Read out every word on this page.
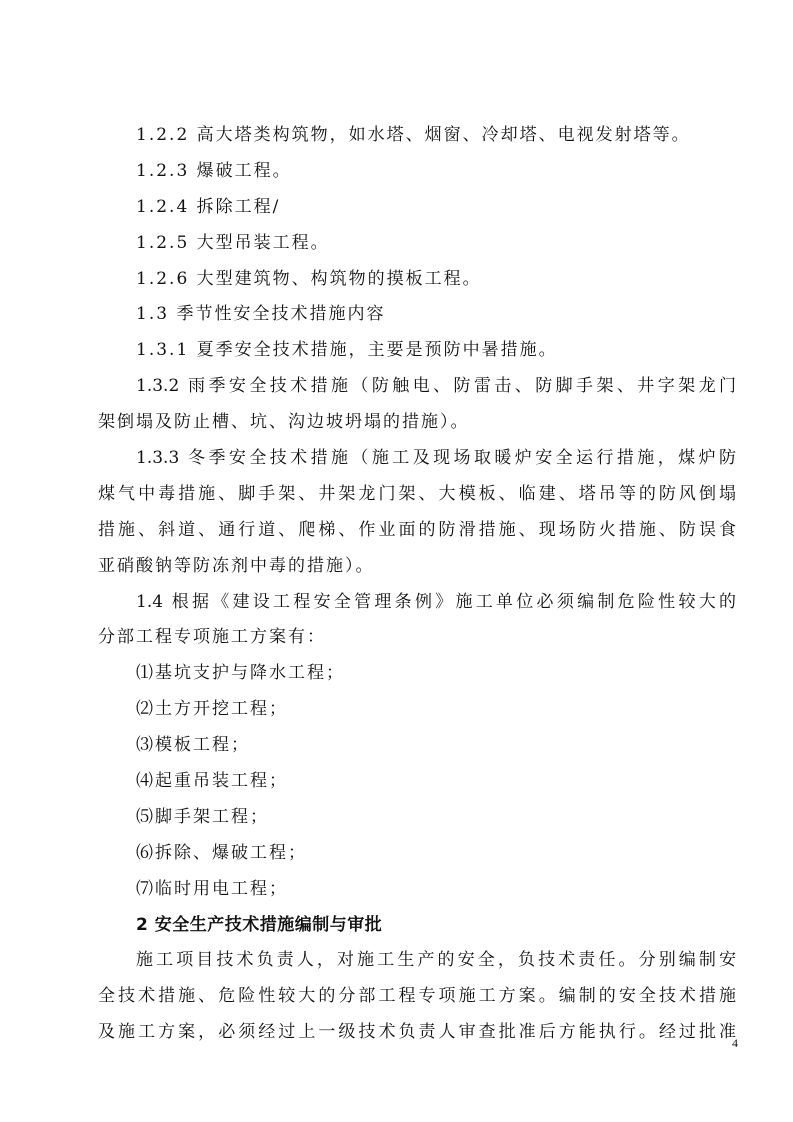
1.2.2 高大塔类构筑物，如水塔、烟窗、冷却塔、电视发射塔等。
1.2.3 爆破工程。
1.2.4 拆除工程/
1.2.5 大型吊装工程。
1.2.6 大型建筑物、构筑物的摸板工程。
1.3 季节性安全技术措施内容
1.3.1 夏季安全技术措施，主要是预防中暑措施。
1.3.2 雨季安全技术措施（防触电、防雷击、防脚手架、井字架龙门
架倒塌及防止槽、坑、沟边坡坍塌的措施）。
1.3.3 冬季安全技术措施（施工及现场取暖炉安全运行措施，煤炉防
煤气中毒措施、脚手架、井架龙门架、大模板、临建、塔吊等的防风倒塌
措施、斜道、通行道、爬梯、作业面的防滑措施、现场防火措施、防误食
亚硝酸钠等防冻剂中毒的措施）。
1.4 根据《建设工程安全管理条例》施工单位必须编制危险性较大的
分部工程专项施工方案有：
⑴基坑支护与降水工程；
⑵土方开挖工程；
⑶模板工程；
⑷起重吊装工程；
⑸脚手架工程；
⑹拆除、爆破工程；
⑺临时用电工程；
2 安全生产技术措施编制与审批
施工项目技术负责人，对施工生产的安全，负技术责任。分别编制安
全技术措施、危险性较大的分部工程专项施工方案。编制的安全技术措施
及施工方案，必须经过上一级技术负责人审查批准后方能执行。经过批准
4
